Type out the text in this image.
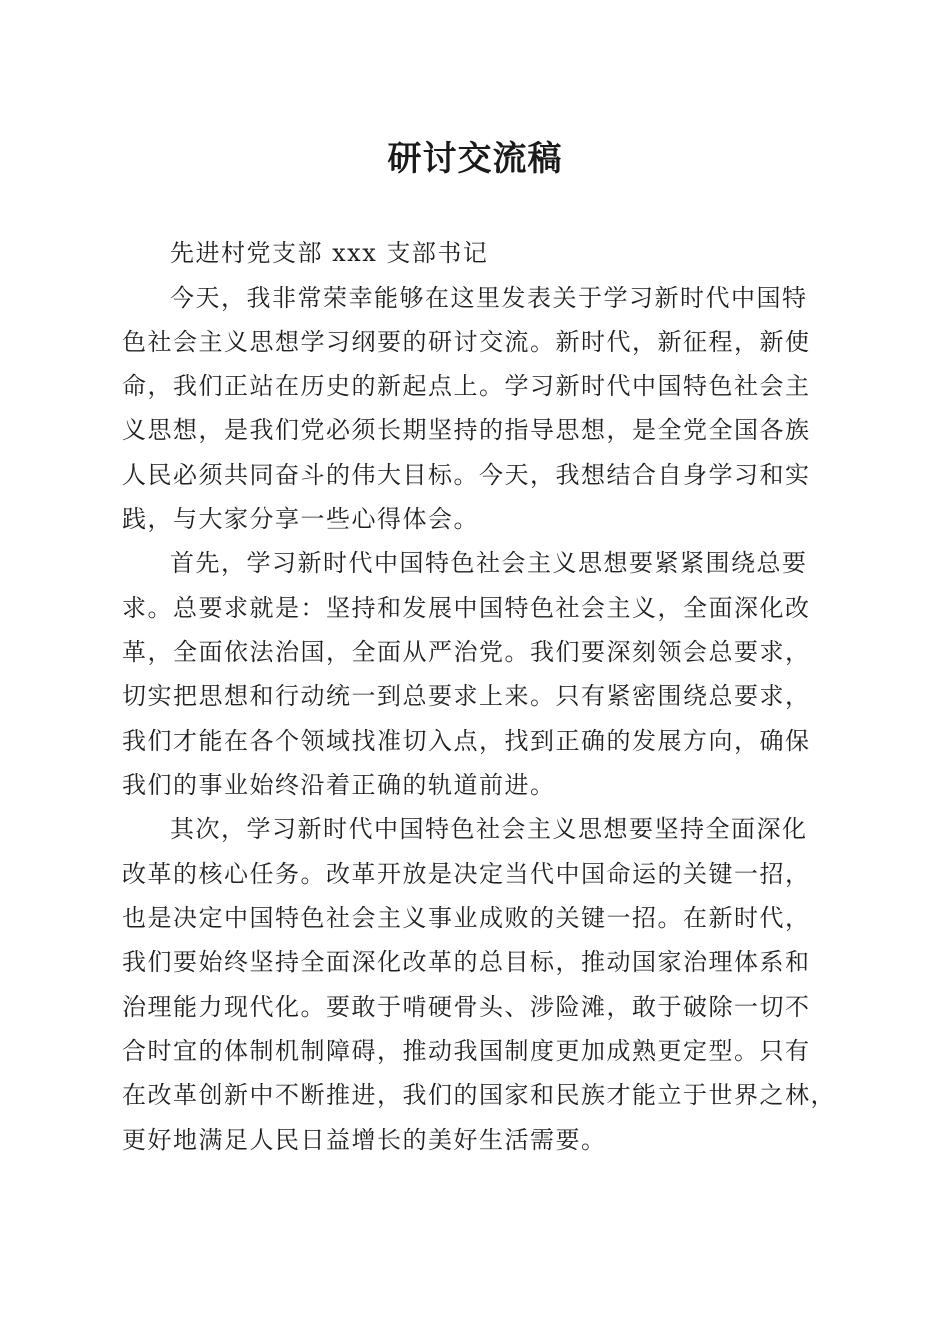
研讨交流稿
先进村党支部 xxx 支部书记
今天，我非常荣幸能够在这里发表关于学习新时代中国特
色社会主义思想学习纲要的研讨交流。新时代，新征程，新使
命，我们正站在历史的新起点上。学习新时代中国特色社会主
义思想，是我们党必须长期坚持的指导思想，是全党全国各族
人民必须共同奋斗的伟大目标。今天，我想结合自身学习和实
践，与大家分享一些心得体会。
首先，学习新时代中国特色社会主义思想要紧紧围绕总要
求。总要求就是：坚持和发展中国特色社会主义，全面深化改
革，全面依法治国，全面从严治党。我们要深刻领会总要求，
切实把思想和行动统一到总要求上来。只有紧密围绕总要求，
我们才能在各个领域找准切入点，找到正确的发展方向，确保
我们的事业始终沿着正确的轨道前进。
其次，学习新时代中国特色社会主义思想要坚持全面深化
改革的核心任务。改革开放是决定当代中国命运的关键一招，
也是决定中国特色社会主义事业成败的关键一招。在新时代，
我们要始终坚持全面深化改革的总目标，推动国家治理体系和
治理能力现代化。要敢于啃硬骨头、涉险滩，敢于破除一切不
合时宜的体制机制障碍，推动我国制度更加成熟更定型。只有
在改革创新中不断推进，我们的国家和民族才能立于世界之林，
更好地满足人民日益增长的美好生活需要。
